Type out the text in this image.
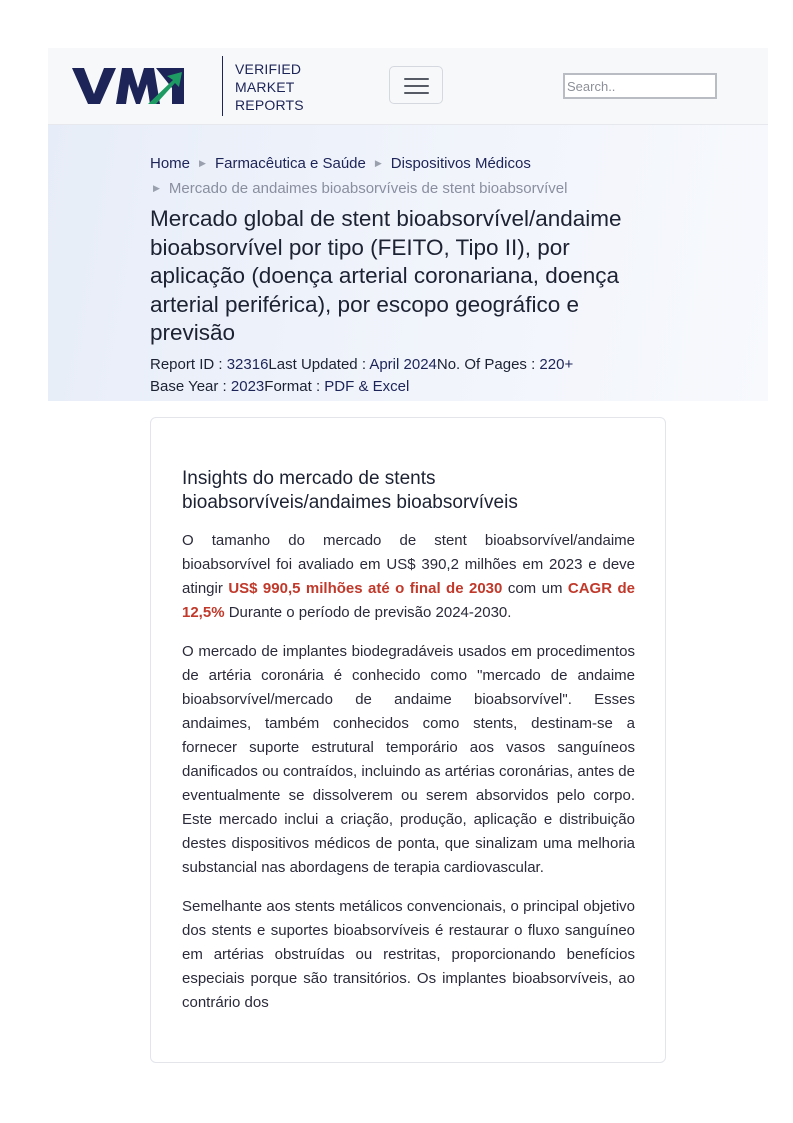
VERIFIED
MARKET
REPORTS
Search..
Home ▶ Farmacêutica e Saúde ▶ Dispositivos Médicos
▶ Mercado de andaimes bioabsorvíveis de stent bioabsorvível
Mercado global de stent bioabsorvível/andaime bioabsorvível por tipo (FEITO, Tipo II), por aplicação (doença arterial coronariana, doença arterial periférica), por escopo geográfico e previsão
Report ID : 32316Last Updated : April 2024No. Of Pages : 220+
Base Year : 2023Format : PDF & Excel
Insights do mercado de stents bioabsorvíveis/andaimes bioabsorvíveis

O tamanho do mercado de stent bioabsorvível/andaime bioabsorvível foi avaliado em US$ 390,2 milhões em 2023 e deve atingir US$ 990,5 milhões até o final de 2030 com um CAGR de 12,5% Durante o período de previsão 2024-2030.

O mercado de implantes biodegradáveis usados em procedimentos de artéria coronária é conhecido como "mercado de andaime bioabsorvível/mercado de andaime bioabsorvível". Esses andaimes, também conhecidos como stents, destinam-se a fornecer suporte estrutural temporário aos vasos sanguíneos danificados ou contraídos, incluindo as artérias coronárias, antes de eventualmente se dissolverem ou serem absorvidos pelo corpo. Este mercado inclui a criação, produção, aplicação e distribuição destes dispositivos médicos de ponta, que sinalizam uma melhoria substancial nas abordagens de terapia cardiovascular.

Semelhante aos stents metálicos convencionais, o principal objetivo dos stents e suportes bioabsorvíveis é restaurar o fluxo sanguíneo em artérias obstruídas ou restritas, proporcionando benefícios especiais porque são transitórios. Os implantes bioabsorvíveis, ao contrário dos
